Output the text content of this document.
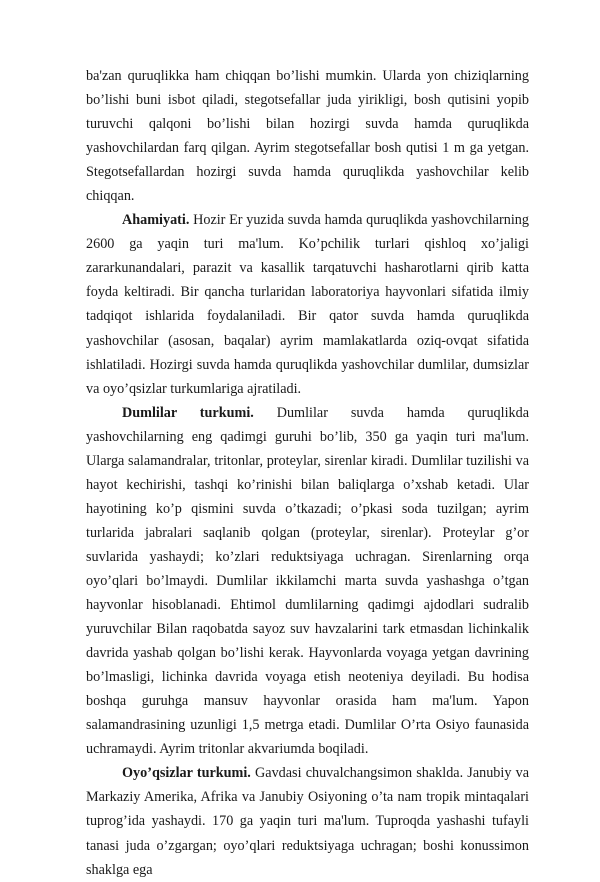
ba'zan quruqlikka ham chiqqan bo’lishi mumkin. Ularda yon chiziqlarning bo’lishi buni isbot qiladi, stegotsefallar juda yirikligi, bosh qutisini yopib turuvchi qalqoni bo’lishi bilan hozirgi suvda hamda quruqlikda yashovchilardan farq qilgan. Ayrim stegotsefallar bosh qutisi 1 m ga yetgan. Stegotsefallardan hozirgi suvda hamda quruqlikda yashovchilar kelib chiqqan.

Ahamiyati. Hozir Er yuzida suvda hamda quruqlikda yashovchilarning 2600 ga yaqin turi ma'lum. Ko’pchilik turlari qishloq xo’jaligi zararkunandalari, parazit va kasallik tarqatuvchi hasharotlarni qirib katta foyda keltiradi. Bir qancha turlaridan laboratoriya hayvonlari sifatida ilmiy tadqiqot ishlarida foydalaniladi. Bir qator suvda hamda quruqlikda yashovchilar (asosan, baqalar) ayrim mamlakatlarda oziq-ovqat sifatida ishlatiladi. Hozirgi suvda hamda quruqlikda yashovchilar dumlilar, dumsizlar va oyo’qsizlar turkumlariga ajratiladi.

Dumlilar turkumi. Dumlilar suvda hamda quruqlikda yashovchilarning eng qadimgi guruhi bo’lib, 350 ga yaqin turi ma'lum. Ularga salamandralar, tritonlar, proteylar, sirenlar kiradi. Dumlilar tuzilishi va hayot kechirishi, tashqi ko’rinishi bilan baliqlarga o’xshab ketadi. Ular hayotining ko’p qismini suvda o’tkazadi; o’pkasi soda tuzilgan; ayrim turlarida jabralari saqlanib qolgan (proteylar, sirenlar). Proteylar g’or suvlarida yashaydi; ko’zlari reduktsiyaga uchragan. Sirenlarning orqa oyo’qlari bo’lmaydi. Dumlilar ikkilamchi marta suvda yashashga o’tgan hayvonlar hisoblanadi. Ehtimol dumlilarning qadimgi ajdodlari sudralib yuruvchilar Bilan raqobatda sayoz suv havzalarini tark etmasdan lichinkalik davrida yashab qolgan bo’lishi kerak. Hayvonlarda voyaga yetgan davrining bo’lmasligi, lichinka davrida voyaga etish neoteniya deyiladi. Bu hodisa boshqa guruhga mansuv hayvonlar orasida ham ma'lum. Yapon salamandrasining uzunligi 1,5 metrga etadi. Dumlilar O’rta Osiyo faunasida uchramaydi. Ayrim tritonlar akvariumda boqiladi.

Oyo’qsizlar turkumi. Gavdasi chuvalchangsimon shaklda. Janubiy va Markaziy Amerika, Afrika va Janubiy Osiyoning o’ta nam tropik mintaqalari tuprog’ida yashaydi. 170 ga yaqin turi ma'lum. Tuproqda yashashi tufayli tanasi juda o’zgargan; oyo’qlari reduktsiyaga uchragan; boshi konussimon shaklga ega
